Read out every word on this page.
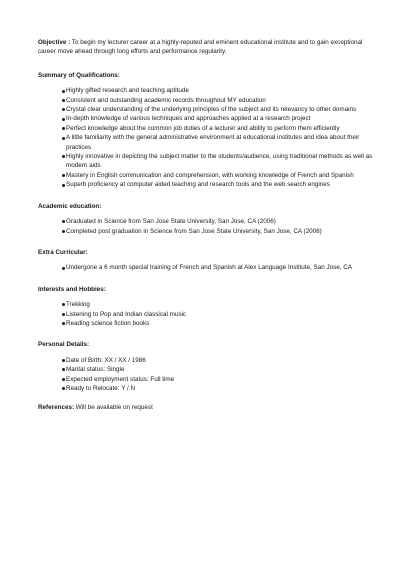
Objective : To begin my lecturer career at a highly-reputed and eminent educational institute and to gain exceptional career move ahead through long efforts and performance regularity.

Summary of Qualifications:

Highly gifted research and teaching aptitude
Consistent and outstanding academic records throughout MY education
Crystal clear understanding of the underlying principles of the subject and its relevancy to other domains
In-depth knowledge of various techniques and approaches applied at a research project
Perfect knowledge about the common job duties of a lecturer and ability to perform them efficiently
A little familiarity with the general administrative environment at educational institutes and idea about their practices
Highly innovative in depicting the subject matter to the students/audience, using traditional methods as well as modern aids
Mastery in English communication and comprehension, with working knowledge of French and Spanish
Superb proficiency at computer aided teaching and research tools and the web search engines

Academic education:

Graduated in Science from San Jose State University, San Jose, CA (2006)
Completed post graduation in Science from San Jose State University, San Jose, CA (2008)

Extra Curricular:

Undergone a 6 month special training of French and Spanish at Alex Language Institute, San Jose, CA

Interests and Hobbies:

Trekking
Listening to Pop and Indian classical music
Reading science fiction books

Personal Details:

Date of Birth: XX / XX / 1986
Marital status: Single
Expected employment status: Full time
Ready to Relocate: Y / N

References: Will be available on request
